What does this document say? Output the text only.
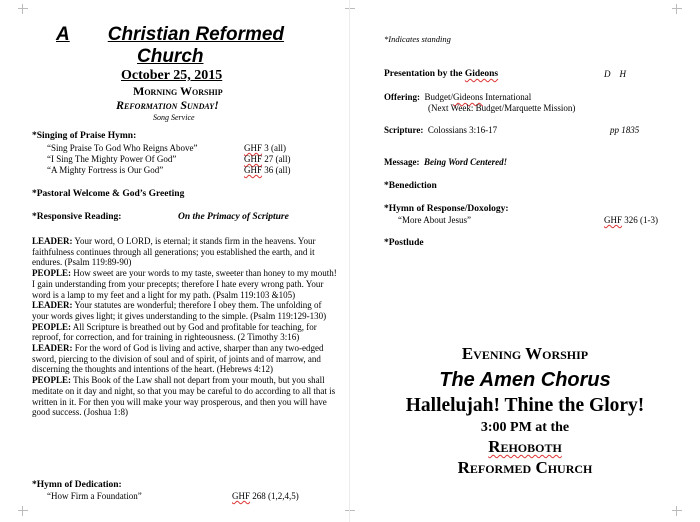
A Christian Reformed
Church
October 25, 2015
Morning Worship
Reformation Sunday!
Song Service
*Singing of Praise Hymn:
“Sing Praise To God Who Reigns Above”	GHF 3 (all)
“I Sing The Mighty Power Of God”	GHF 27 (all)
“A Mighty Fortress is Our God”	GHF 36 (all)
*Pastoral Welcome & God’s Greeting
*Responsive Reading:	On the Primacy of Scripture
LEADER: Your word, O LORD, is eternal; it stands firm in the heavens. Your faithfulness continues through all generations; you established the earth, and it endures. (Psalm 119:89-90)
PEOPLE: How sweet are your words to my taste, sweeter than honey to my mouth! I gain understanding from your precepts; therefore I hate every wrong path. Your word is a lamp to my feet and a light for my path. (Psalm 119:103 &105)
LEADER: Your statutes are wonderful; therefore I obey them. The unfolding of your words gives light; it gives understanding to the simple. (Psalm 119:129-130)
PEOPLE: All Scripture is breathed out by God and profitable for teaching, for reproof, for correction, and for training in righteousness. (2 Timothy 3:16)
LEADER: For the word of God is living and active, sharper than any two-edged sword, piercing to the division of soul and of spirit, of joints and of marrow, and discerning the thoughts and intentions of the heart. (Hebrews 4:12)
PEOPLE: This Book of the Law shall not depart from your mouth, but you shall meditate on it day and night, so that you may be careful to do according to all that is written in it. For then you will make your way prosperous, and then you will have good success. (Joshua 1:8)
*Hymn of Dedication:
“How Firm a Foundation”	GHF 268 (1,2,4,5)
*Indicates standing
Presentation by the Gideons	D    H
Offering: Budget/Gideons International
(Next Week: Budget/Marquette Mission)
Scripture: Colossians 3:16-17	pp 1835
Message: Being Word Centered!
*Benediction
*Hymn of Response/Doxology:
“More About Jesus”	GHF 326 (1-3)
*Postlude
Evening Worship
The Amen Chorus
Hallelujah! Thine the Glory!
3:00 PM at the
Rehoboth
Reformed Church
